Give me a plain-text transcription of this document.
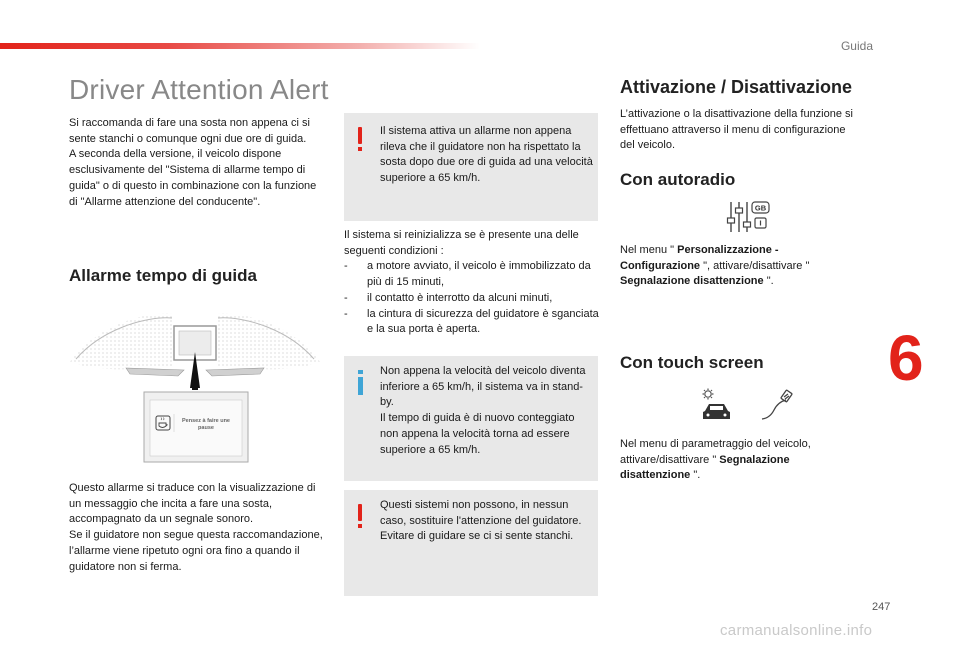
Guida
6
247
carmanualsonline.info
Driver Attention Alert

Si raccomanda di fare una sosta non appena ci si sente stanchi o comunque ogni due ore di guida.

A seconda della versione, il veicolo dispone esclusivamente del "Sistema di allarme tempo di guida" o di questo in combinazione con la funzione di "Allarme attenzione del conducente".

Allarme tempo di guida
Pensez à faire une
pause

Questo allarme si traduce con la visualizzazione di un messaggio che incita a fare una sosta, accompagnato da un segnale sonoro.

Se il guidatore non segue questa raccomandazione, l’allarme viene ripetuto ogni ora fino a quando il guidatore non si ferma.

Il sistema attiva un allarme non appena rileva che il guidatore non ha rispettato la sosta dopo due ore di guida ad una velocità superiore a 65 km/h.

Il sistema si reinizializza se è presente una delle seguenti condizioni :

- a motore avviato, il veicolo è immobilizzato da più di 15 minuti,
- il contatto è interrotto da alcuni minuti,
- la cintura di sicurezza del guidatore è sganciata e la sua porta è aperta.

Non appena la velocità del veicolo diventa inferiore a 65 km/h, il sistema va in stand-by.

Il tempo di guida è di nuovo conteggiato non appena la velocità torna ad essere superiore a 65 km/h.

Questi sistemi non possono, in nessun caso, sostituire l'attenzione del guidatore.

Evitare di guidare se ci si sente stanchi.

Attivazione / Disattivazione
L’attivazione o la disattivazione della funzione si effettuano attraverso il menu di configurazione del veicolo.
Con autoradio
GB
Nel menu " Personalizzazione - Configurazione ", attivare/disattivare " Segnalazione disattenzione ".
Con touch screen
Nel menu di parametraggio del veicolo, attivare/disattivare " Segnalazione disattenzione ".
